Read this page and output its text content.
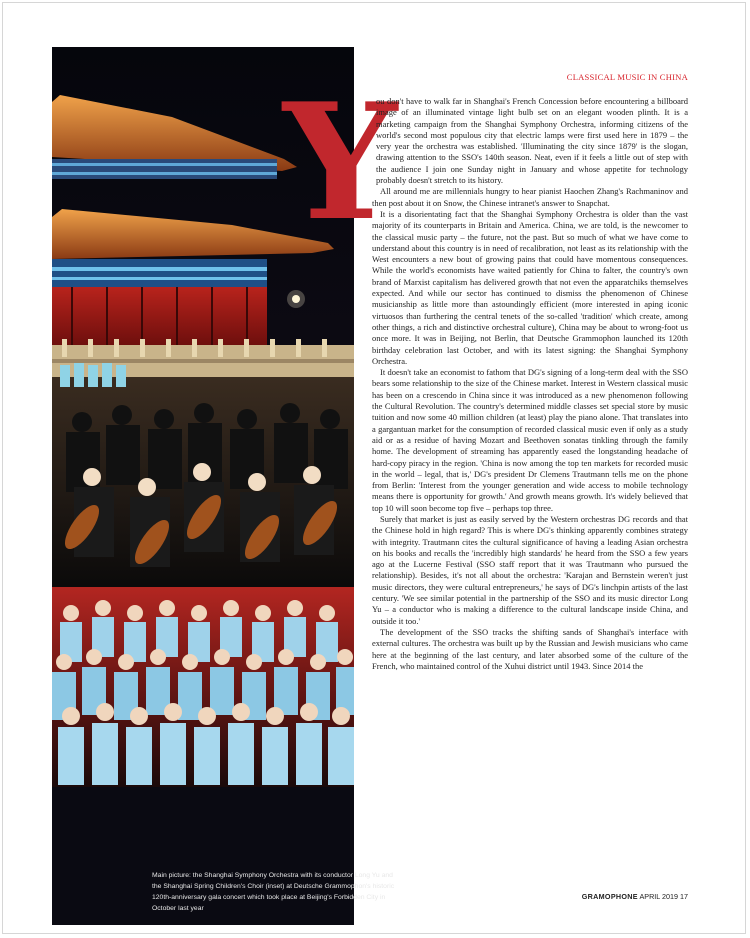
Main picture: the Shanghai Symphony Orchestra with its conductor Long Yu and the Shanghai Spring Children's Choir (inset) at Deutsche Grammophon's historic 120th-anniversary gala concert which took place at Beijing's Forbidden City in October last year

CLASSICAL MUSIC IN CHINA
Y

ou don't have to walk far in Shanghai's French Concession before encountering a billboard image of an illuminated vintage light bulb set on an elegant wooden plinth. It is a marketing campaign from the Shanghai Symphony Orchestra, informing citizens of the world's second most populous city that electric lamps were first used here in 1879 – the very year the orchestra was established. 'Illuminating the city since 1879' is the slogan, drawing attention to the SSO's 140th season. Neat, even if it feels a little out of step with the audience I join one Sunday night in January and whose appetite for technology probably doesn't stretch to its history.

All around me are millennials hungry to hear pianist Haochen Zhang's Rachmaninov and then post about it on Snow, the Chinese intranet's answer to Snapchat.

It is a disorientating fact that the Shanghai Symphony Orchestra is older than the vast majority of its counterparts in Britain and America. China, we are told, is the newcomer to the classical music party – the future, not the past. But so much of what we have come to understand about this country is in need of recalibration, not least as its relationship with the West encounters a new bout of growing pains that could have momentous consequences. While the world's economists have waited patiently for China to falter, the country's own brand of Marxist capitalism has delivered growth that not even the apparatchiks themselves expected. And while our sector has continued to dismiss the phenomenon of Chinese musicianship as little more than astoundingly efficient (more interested in aping iconic virtuosos than furthering the central tenets of the so-called 'tradition' which create, among other things, a rich and distinctive orchestral culture), China may be about to wrong-foot us once more. It was in Beijing, not Berlin, that Deutsche Grammophon launched its 120th birthday celebration last October, and with its latest signing: the Shanghai Symphony Orchestra.

It doesn't take an economist to fathom that DG's signing of a long-term deal with the SSO bears some relationship to the size of the Chinese market. Interest in Western classical music has been on a crescendo in China since it was introduced as a new phenomenon following the Cultural Revolution. The country's determined middle classes set special store by music tuition and now some 40 million children (at least) play the piano alone. That translates into a gargantuan market for the consumption of recorded classical music even if only as a study aid or as a residue of having Mozart and Beethoven sonatas tinkling through the family home. The development of streaming has apparently eased the longstanding headache of hard-copy piracy in the region. 'China is now among the top ten markets for recorded music in the world – legal, that is,' DG's president Dr Clemens Trautmann tells me on the phone from Berlin: 'Interest from the younger generation and wide access to mobile technology means there is opportunity for growth.' And growth means growth. It's widely believed that top 10 will soon become top five – perhaps top three.

Surely that market is just as easily served by the Western orchestras DG records and that the Chinese hold in high regard? This is where DG's thinking apparently combines strategy with integrity. Trautmann cites the cultural significance of having a leading Asian orchestra on his books and recalls the 'incredibly high standards' he heard from the SSO a few years ago at the Lucerne Festival (SSO staff report that it was Trautmann who pursued the relationship). Besides, it's not all about the orchestra: 'Karajan and Bernstein weren't just music directors, they were cultural entrepreneurs,' he says of DG's linchpin artists of the last century. 'We see similar potential in the partnership of the SSO and its music director Long Yu – a conductor who is making a difference to the cultural landscape inside China, and outside it too.'

The development of the SSO tracks the shifting sands of Shanghai's interface with external cultures. The orchestra was built up by the Russian and Jewish musicians who came here at the beginning of the last century, and later absorbed some of the culture of the French, who maintained control of the Xuhui district until 1943. Since 2014 the

GRAMOPHONE APRIL 2019 17
